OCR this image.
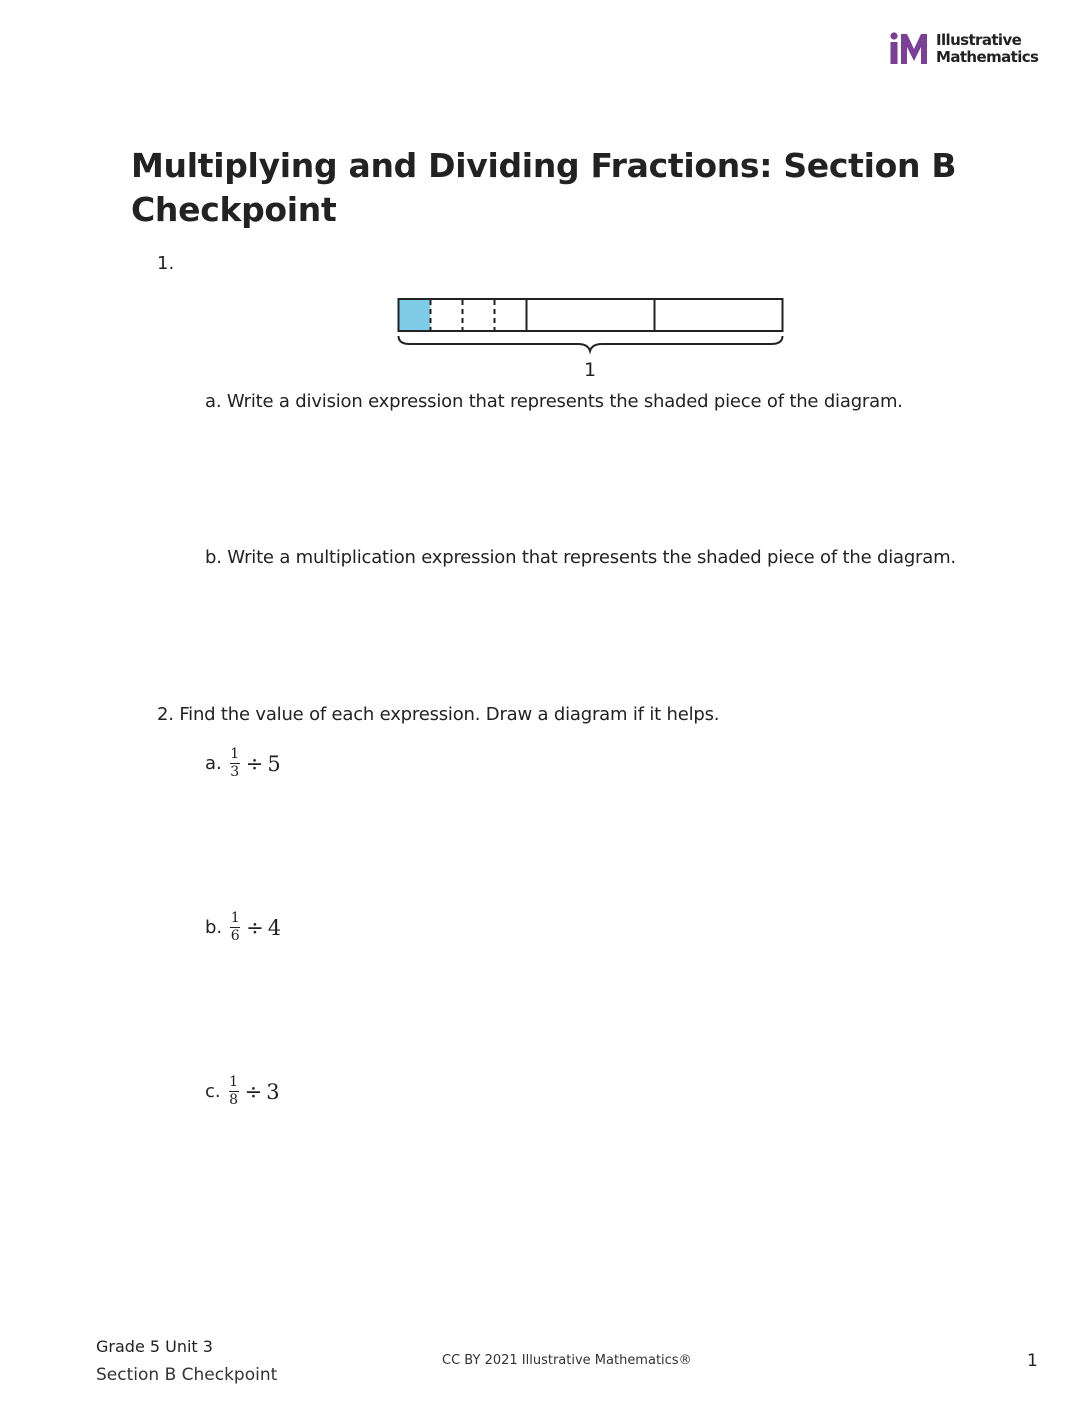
Illustrative
Mathematics
Multiplying and Dividing Fractions: Section B Checkpoint
1.
1
a. Write a division expression that represents the shaded piece of the diagram.
b. Write a multiplication expression that represents the shaded piece of the diagram.
2. Find the value of each expression. Draw a diagram if it helps.
a. $\frac{1}{3} \div 5$
b. $\frac{1}{6} \div 4$
c. $\frac{1}{8} \div 3$
Grade 5 Unit 3
Section B Checkpoint
CC BY 2021 Illustrative Mathematics®	1
